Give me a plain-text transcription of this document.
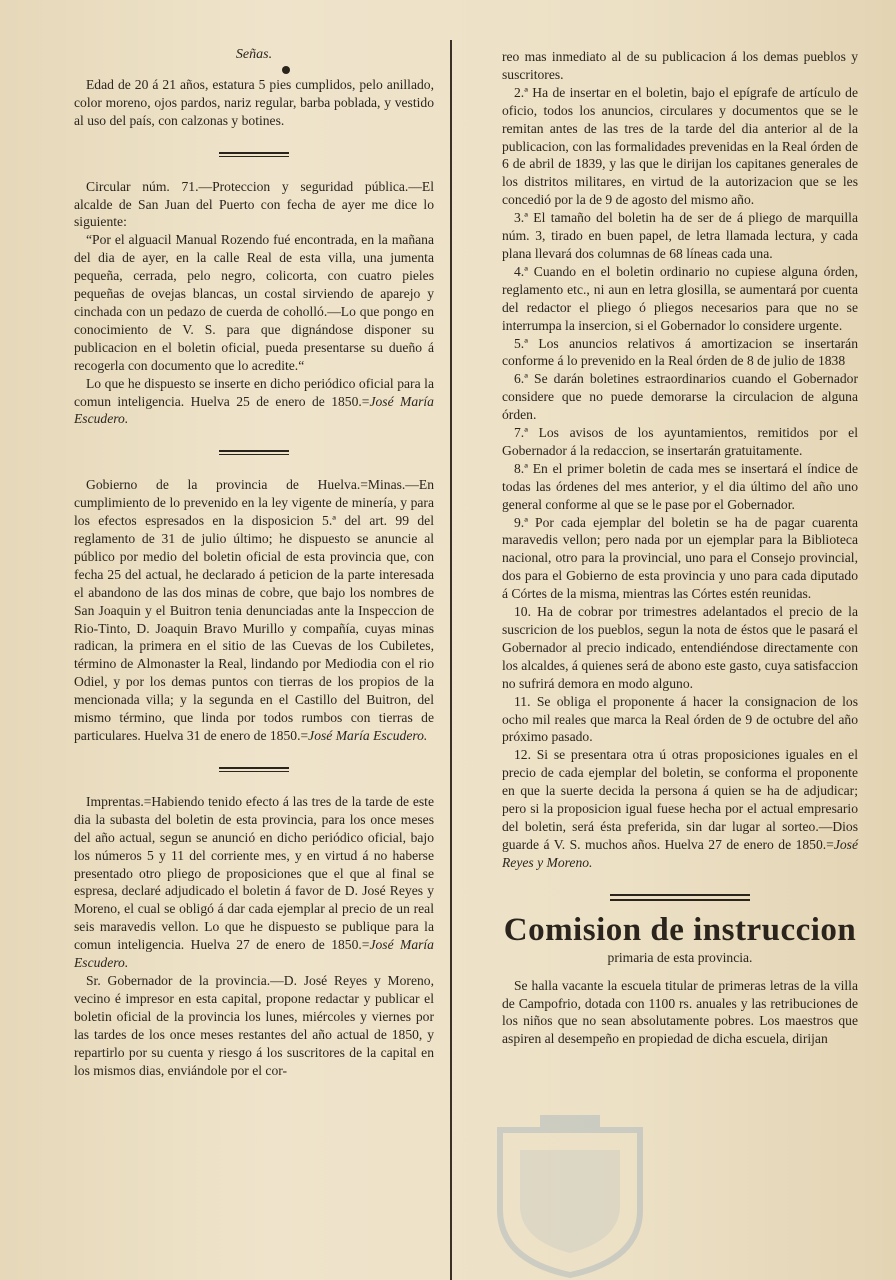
Señas.

Edad de 20 á 21 años, estatura 5 pies cumplidos, pelo anillado, color moreno, ojos pardos, nariz regular, barba poblada, y vestido al uso del país, con calzonas y botines.

Circular núm. 71.—Proteccion y seguridad pública.—El alcalde de San Juan del Puerto con fecha de ayer me dice lo siguiente:

“Por el alguacil Manual Rozendo fué encontrada, en la mañana del dia de ayer, en la calle Real de esta villa, una jumenta pequeña, cerrada, pelo negro, colicorta, con cuatro pieles pequeñas de ovejas blancas, un costal sirviendo de aparejo y cinchada con un pedazo de cuerda de coholló.—Lo que pongo en conocimiento de V. S. para que dignándose disponer su publicacion en el boletin oficial, pueda presentarse su dueño á recogerla con documento que lo acredite.“

Lo que he dispuesto se inserte en dicho periódico oficial para la comun inteligencia. Huelva 25 de enero de 1850.=José María Escudero.

Gobierno de la provincia de Huelva.=Minas.—En cumplimiento de lo prevenido en la ley vigente de minería, y para los efectos espresados en la disposicion 5.ª del art. 99 del reglamento de 31 de julio último; he dispuesto se anuncie al público por medio del boletin oficial de esta provincia que, con fecha 25 del actual, he declarado á peticion de la parte interesada el abandono de las dos minas de cobre, que bajo los nombres de San Joaquin y el Buitron tenia denunciadas ante la Inspeccion de Rio-Tinto, D. Joaquin Bravo Murillo y compañía, cuyas minas radican, la primera en el sitio de las Cuevas de los Cubiletes, término de Almonaster la Real, lindando por Mediodia con el rio Odiel, y por los demas puntos con tierras de los propios de la mencionada villa; y la segunda en el Castillo del Buitron, del mismo término, que linda por todos rumbos con tierras de particulares. Huelva 31 de enero de 1850.=José María Escudero.

Imprentas.=Habiendo tenido efecto á las tres de la tarde de este dia la subasta del boletin de esta provincia, para los once meses del año actual, segun se anunció en dicho periódico oficial, bajo los números 5 y 11 del corriente mes, y en virtud á no haberse presentado otro pliego de proposiciones que el que al final se espresa, declaré adjudicado el boletin á favor de D. José Reyes y Moreno, el cual se obligó á dar cada ejemplar al precio de un real seis maravedis vellon. Lo que he dispuesto se publique para la comun inteligencia. Huelva 27 de enero de 1850.=José María Escudero.

Sr. Gobernador de la provincia.—D. José Reyes y Moreno, vecino é impresor en esta capital, propone redactar y publicar el boletin oficial de la provincia los lunes, miércoles y viernes por las tardes de los once meses restantes del año actual de 1850, y repartirlo por su cuenta y riesgo á los suscritores de la capital en los mismos dias, enviándole por el cor-

reo mas inmediato al de su publicacion á los demas pueblos y suscritores.

2.ª Ha de insertar en el boletin, bajo el epígrafe de artículo de oficio, todos los anuncios, circulares y documentos que se le remitan antes de las tres de la tarde del dia anterior al de la publicacion, con las formalidades prevenidas en la Real órden de 6 de abril de 1839, y las que le dirijan los capitanes generales de los distritos militares, en virtud de la autorizacion que se les concedió por la de 9 de agosto del mismo año.

3.ª El tamaño del boletin ha de ser de á pliego de marquilla núm. 3, tirado en buen papel, de letra llamada lectura, y cada plana llevará dos columnas de 68 líneas cada una.

4.ª Cuando en el boletin ordinario no cupiese alguna órden, reglamento etc., ni aun en letra glosilla, se aumentará por cuenta del redactor el pliego ó pliegos necesarios para que no se interrumpa la insercion, si el Gobernador lo considere urgente.

5.ª Los anuncios relativos á amortizacion se insertarán conforme á lo prevenido en la Real órden de 8 de julio de 1838

6.ª Se darán boletines estraordinarios cuando el Gobernador considere que no puede demorarse la circulacion de alguna órden.

7.ª Los avisos de los ayuntamientos, remitidos por el Gobernador á la redaccion, se insertarán gratuitamente.

8.ª En el primer boletin de cada mes se insertará el índice de todas las órdenes del mes anterior, y el dia último del año uno general conforme al que se le pase por el Gobernador.

9.ª Por cada ejemplar del boletin se ha de pagar cuarenta maravedis vellon; pero nada por un ejemplar para la Biblioteca nacional, otro para la provincial, uno para el Consejo provincial, dos para el Gobierno de esta provincia y uno para cada diputado á Córtes de la misma, mientras las Córtes estén reunidas.

10. Ha de cobrar por trimestres adelantados el precio de la suscricion de los pueblos, segun la nota de éstos que le pasará el Gobernador al precio indicado, entendiéndose directamente con los alcaldes, á quienes será de abono este gasto, cuya satisfaccion no sufrirá demora en modo alguno.

11. Se obliga el proponente á hacer la consignacion de los ocho mil reales que marca la Real órden de 9 de octubre del año próximo pasado.

12. Si se presentara otra ú otras proposiciones iguales en el precio de cada ejemplar del boletin, se conforma el proponente en que la suerte decida la persona á quien se ha de adjudicar; pero si la proposicion igual fuese hecha por el actual empresario del boletin, será ésta preferida, sin dar lugar al sorteo.—Dios guarde á V. S. muchos años. Huelva 27 de enero de 1850.=José Reyes y Moreno.

Comision de instruccion

primaria de esta provincia.

Se halla vacante la escuela titular de primeras letras de la villa de Campofrio, dotada con 1100 rs. anuales y las retribuciones de los niños que no sean absolutamente pobres. Los maestros que aspiren al desempeño en propiedad de dicha escuela, dirijan
